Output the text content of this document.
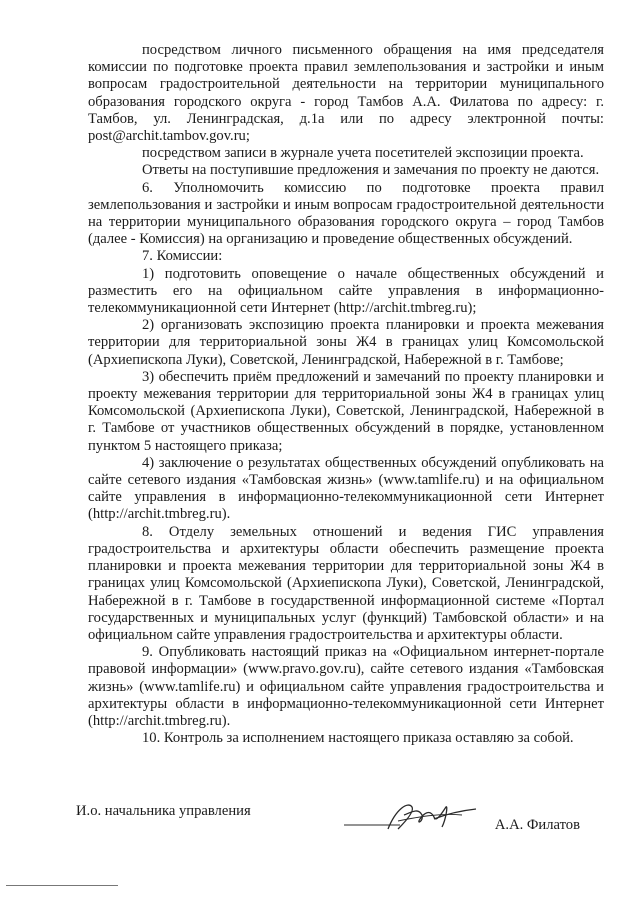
посредством личного письменного обращения на имя председателя комиссии по подготовке проекта правил землепользования и застройки и иным вопросам градостроительной деятельности на территории муниципального образования городского округа - город Тамбов А.А. Филатова по адресу: г. Тамбов, ул. Ленинградская, д.1а или по адресу электронной почты: post@archit.tambov.gov.ru;

посредством записи в журнале учета посетителей экспозиции проекта.

Ответы на поступившие предложения и замечания по проекту не даются.

6. Уполномочить комиссию по подготовке проекта правил землепользования и застройки и иным вопросам градостроительной деятельности на территории муниципального образования городского округа – город Тамбов (далее - Комиссия) на организацию и проведение общественных обсуждений.

7. Комиссии:

1) подготовить оповещение о начале общественных обсуждений и разместить его на официальном сайте управления в информационно-телекоммуникационной сети Интернет (http://archit.tmbreg.ru);

2) организовать экспозицию проекта планировки и проекта межевания территории для территориальной зоны Ж4 в границах улиц Комсомольской (Архиепископа Луки), Советской, Ленинградской, Набережной в г. Тамбове;

3) обеспечить приём предложений и замечаний по проекту планировки и проекту межевания территории для территориальной зоны Ж4 в границах улиц Комсомольской (Архиепископа Луки), Советской, Ленинградской, Набережной в г. Тамбове от участников общественных обсуждений в порядке, установленном пунктом 5 настоящего приказа;

4) заключение о результатах общественных обсуждений опубликовать на сайте сетевого издания «Тамбовская жизнь» (www.tamlife.ru) и на официальном сайте управления в информационно-телекоммуникационной сети Интернет (http://archit.tmbreg.ru).

8. Отделу земельных отношений и ведения ГИС управления градостроительства и архитектуры области обеспечить размещение проекта планировки и проекта межевания территории для территориальной зоны Ж4 в границах улиц Комсомольской (Архиепископа Луки), Советской, Ленинградской, Набережной в г. Тамбове в государственной информационной системе «Портал государственных и муниципальных услуг (функций) Тамбовской области» и на официальном сайте управления градостроительства и архитектуры области.

9. Опубликовать настоящий приказ на «Официальном интернет-портале правовой информации» (www.pravo.gov.ru), сайте сетевого издания «Тамбовская жизнь» (www.tamlife.ru) и официальном сайте управления градостроительства и архитектуры области в информационно-телекоммуникационной сети Интернет (http://archit.tmbreg.ru).

10. Контроль за исполнением настоящего приказа оставляю за собой.

И.о. начальника управления
А.А. Филатов
